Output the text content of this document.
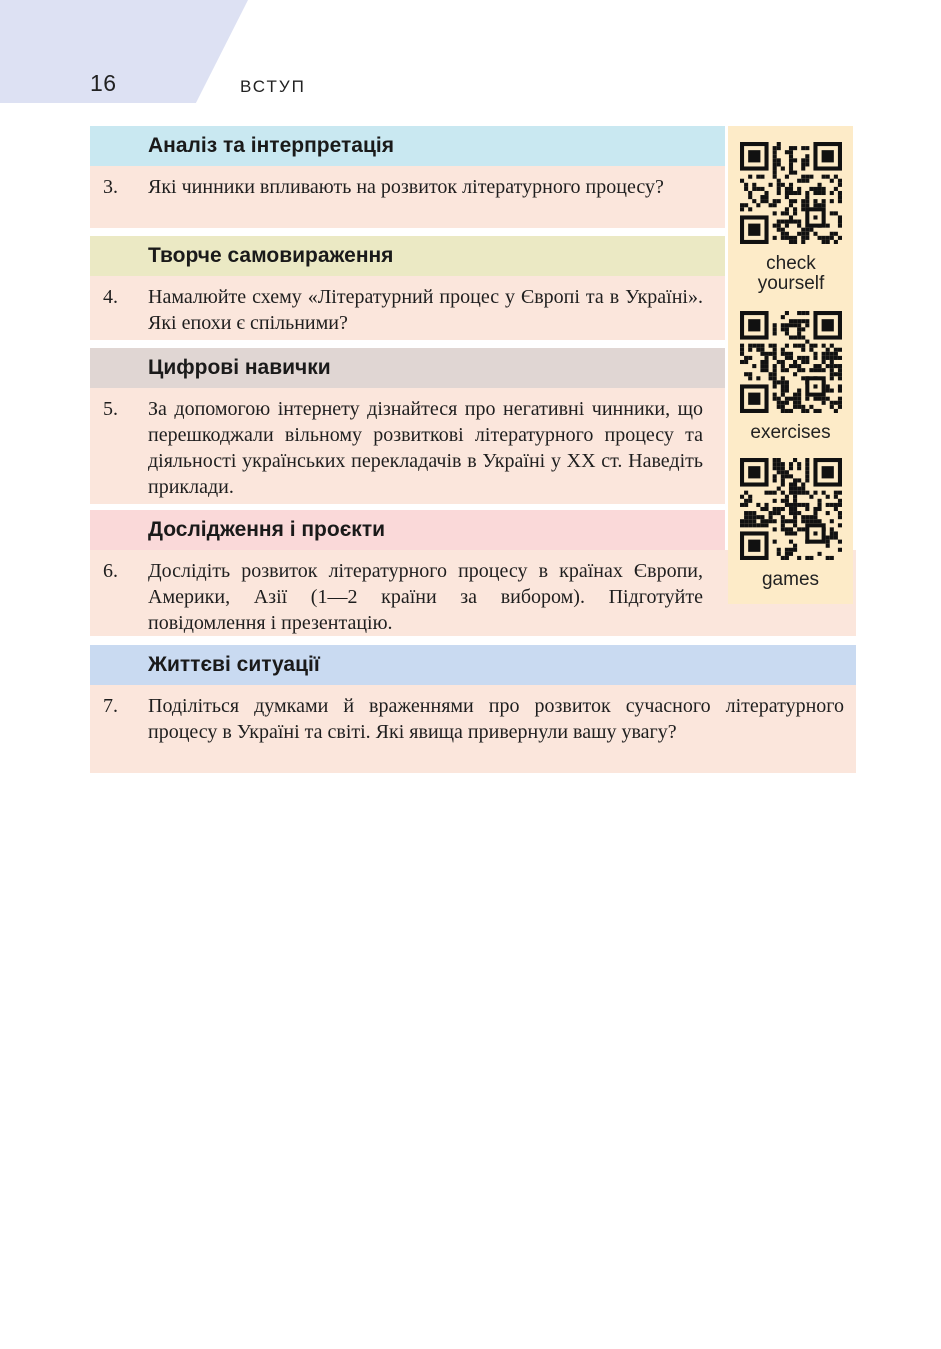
16	ВСТУП
Аналіз та інтерпретація
3. Які чинники впливають на розвиток літературного процесу?

Творче самовираження
4. Намалюйте схему «Літературний процес у Європі та в Україні». Які епохи є спільними?

Цифрові навички
5. За допомогою інтернету дізнайтеся про негативні чинники, що перешкоджали вільному розвиткові літературного процесу та діяльності українських перекладачів в Україні у XX ст. Наведіть приклади.

Дослідження і проєкти
6. Дослідіть розвиток літературного процесу в країнах Європи, Америки, Азії (1—2 країни за вибором). Підготуйте повідомлення і презентацію.

Життєві ситуації
7. Поділіться думками й враженнями про розвиток сучасного літературного процесу в Україні та світі. Які явища привернули вашу увагу?

check yourself
exercises
games
